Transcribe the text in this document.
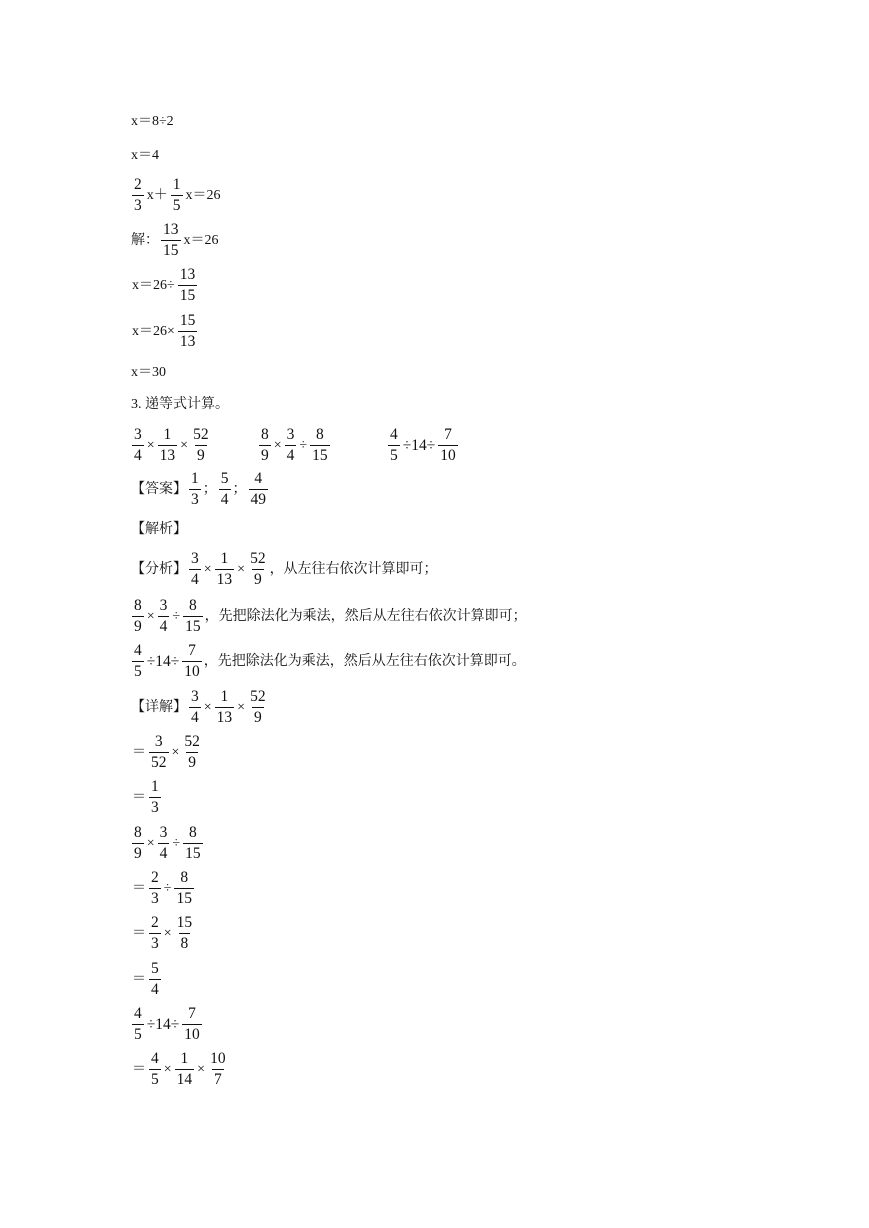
x＝8÷2
x＝4
$\frac{2}{3} x+ \frac{1}{5} x=26$
解： $\frac{13}{15} x=26$
$x=26\div \frac{13}{15}$
$x=26\times \frac{15}{13}$
x＝30
3. 递等式计算。
$\frac{3}{4} \times \frac{1}{13} \times \frac{52}{9}$	$\frac{8}{9} \times \frac{3}{4} \div \frac{8}{15}$	$\frac{4}{5} \div 14\div \frac{7}{10}$
【答案】 $\frac{1}{3}$ ； $\frac{5}{4}$ ； $\frac{4}{49}$
【解析】
【分析】 $\frac{3}{4} \times \frac{1}{13} \times \frac{52}{9}$ ，从左往右依次计算即可；
$\frac{8}{9} \times \frac{3}{4} \div \frac{8}{15}$ ，先把除法化为乘法，然后从左往右依次计算即可；
$\frac{4}{5} \div 14\div \frac{7}{10}$ ，先把除法化为乘法，然后从左往右依次计算即可。
【详解】 $\frac{3}{4} \times \frac{1}{13} \times \frac{52}{9}$
＝ $\frac{3}{52} \times \frac{52}{9}$
＝ $\frac{1}{3}$
$\frac{8}{9} \times \frac{3}{4} \div \frac{8}{15}$
＝ $\frac{2}{3} \div \frac{8}{15}$
＝ $\frac{2}{3} \times \frac{15}{8}$
＝ $\frac{5}{4}$
$\frac{4}{5} \div 14\div \frac{7}{10}$
＝ $\frac{4}{5} \times \frac{1}{14} \times \frac{10}{7}$
